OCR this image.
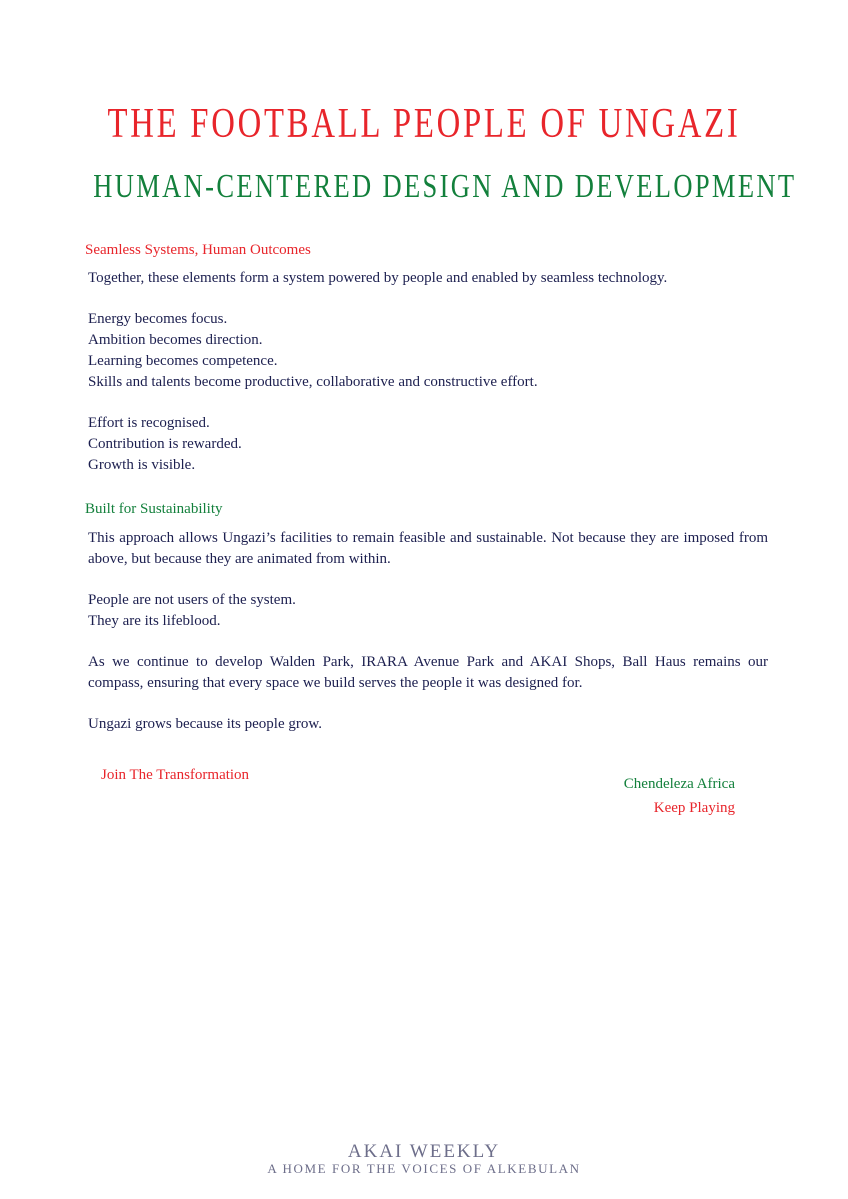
THE FOOTBALL PEOPLE OF UNGAZI
HUMAN-CENTERED DESIGN AND DEVELOPMENT
Seamless Systems, Human Outcomes

Together, these elements form a system powered by people and enabled by seamless technology.

Energy becomes focus.

Ambition becomes direction.

Learning becomes competence.

Skills and talents become productive, collaborative and constructive effort.

Effort is recognised.

Contribution is rewarded.

Growth is visible.

Built for Sustainability

This approach allows Ungazi’s facilities to remain feasible and sustainable. Not because they are imposed from above, but because they are animated from within.

People are not users of the system.

They are its lifeblood.

As we continue to develop Walden Park, IRARA Avenue Park and AKAI Shops, Ball Haus remains our compass, ensuring that every space we build serves the people it was designed for.

Ungazi grows because its people grow.

Join The Transformation
Chendeleza Africa
Keep Playing
AKAI WEEKLY
A HOME FOR THE VOICES OF ALKEBULAN
